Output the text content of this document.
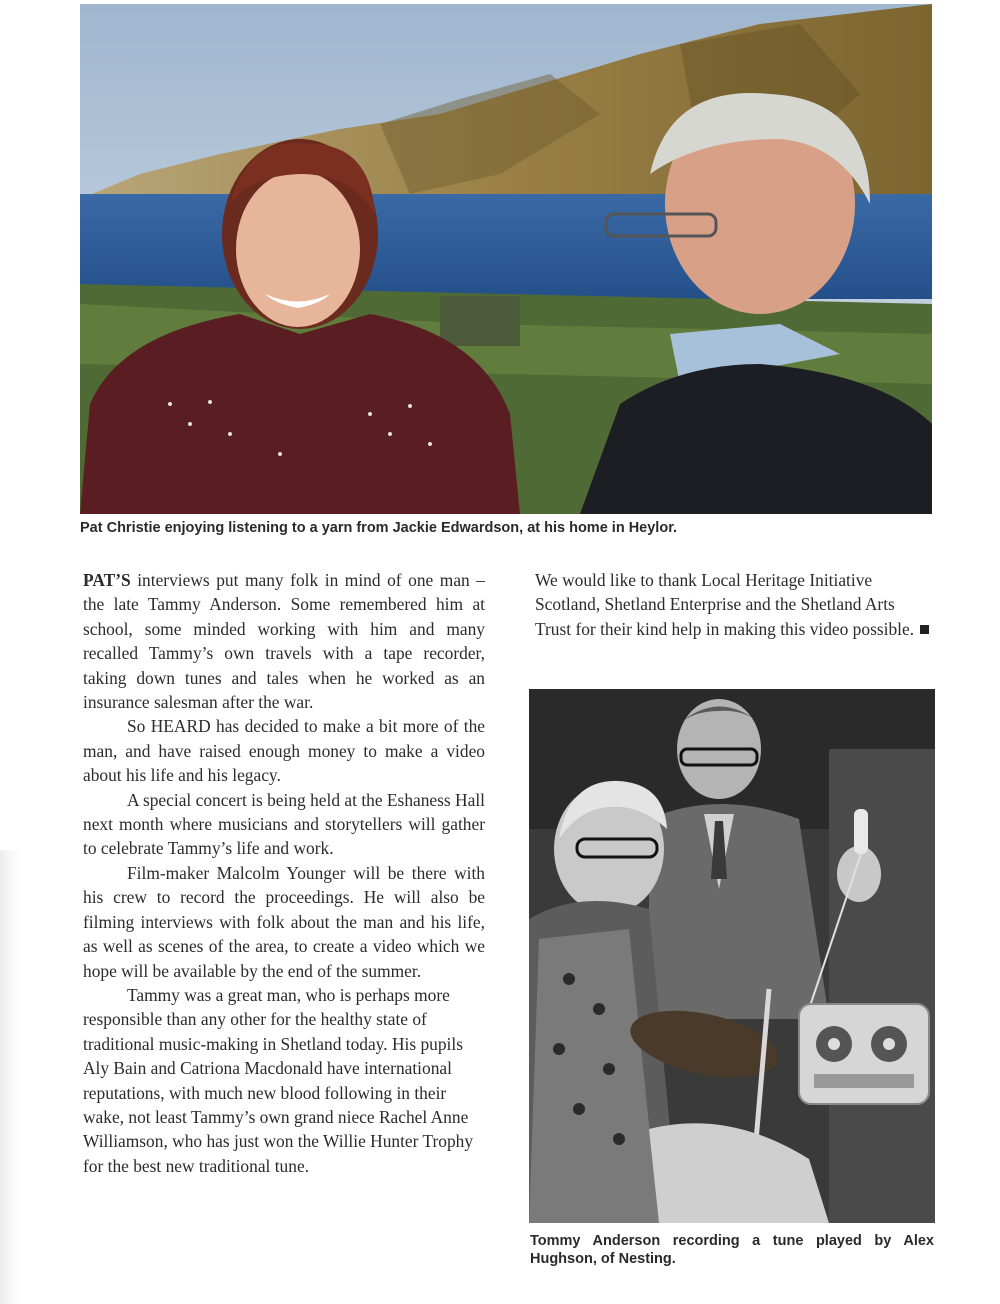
Pat Christie enjoying listening to a yarn from Jackie Edwardson, at his home in Heylor.

PAT’S interviews put many folk in mind of one man – the late Tammy Anderson. Some remembered him at school, some minded working with him and many recalled Tammy’s own travels with a tape recorder, taking down tunes and tales when he worked as an insurance salesman after the war.

So HEARD has decided to make a bit more of the man, and have raised enough money to make a video about his life and his legacy.

A special concert is being held at the Eshaness Hall next month where musicians and storytellers will gather to celebrate Tammy’s life and work.

Film-maker Malcolm Younger will be there with his crew to record the proceedings. He will also be filming interviews with folk about the man and his life, as well as scenes of the area, to create a video which we hope will be available by the end of the summer.

Tammy was a great man, who is perhaps more responsible than any other for the healthy state of traditional music-making in Shetland today. His pupils Aly Bain and Catriona Macdonald have international reputations, with much new blood following in their wake, not least Tammy’s own grand niece Rachel Anne Williamson, who has just won the Willie Hunter Trophy for the best new traditional tune.

We would like to thank Local Heritage Initiative Scotland, Shetland Enterprise and the Shetland Arts Trust for their kind help in making this video possible.

Tommy Anderson recording a tune played by Alex Hughson, of Nesting.
